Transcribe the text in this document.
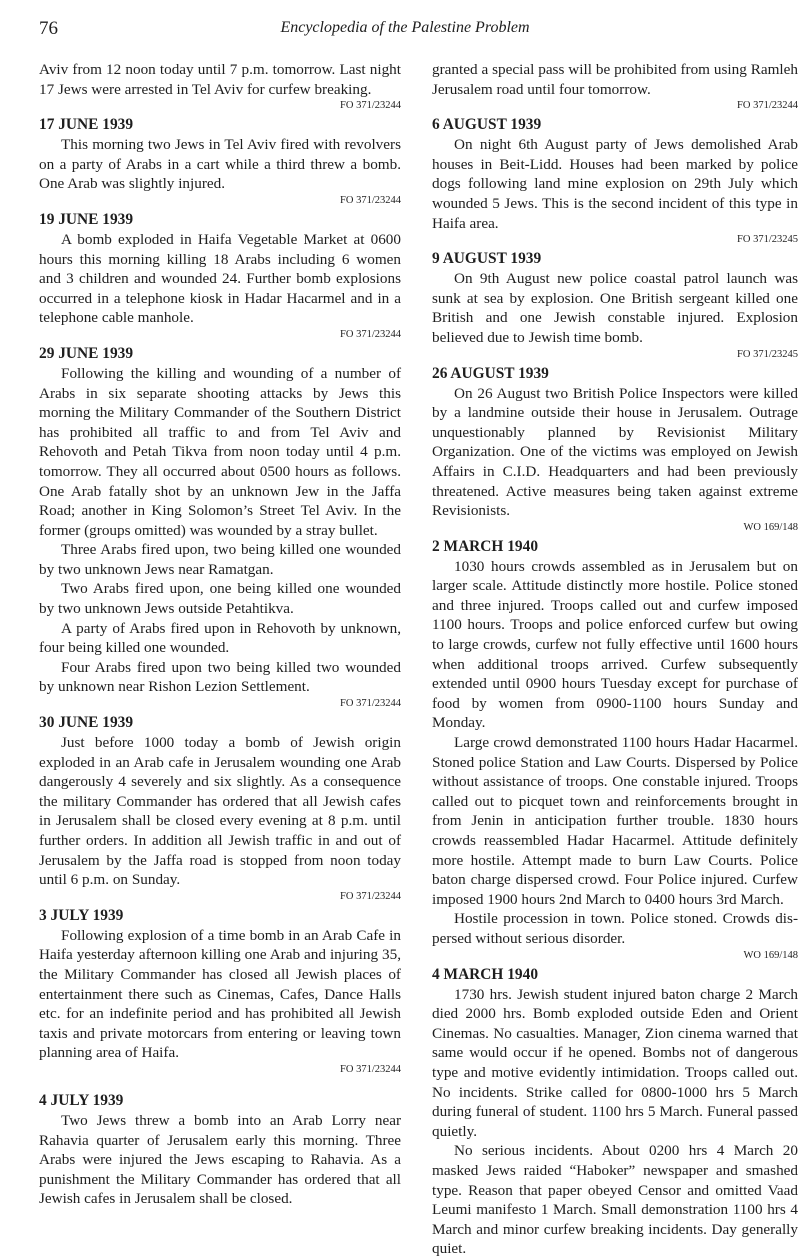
76	Encyclopedia of the Palestine Problem

Aviv from 12 noon today until 7 p.m. tomorrow. Last night 17 Jews were arrested in Tel Aviv for curfew breaking.

FO 371/23244
17 JUNE 1939

This morning two Jews in Tel Aviv fired with revolvers on a party of Arabs in a cart while a third threw a bomb. One Arab was slightly injured.

FO 371/23244
19 JUNE 1939

A bomb exploded in Haifa Vegetable Market at 0600 hours this morning killing 18 Arabs including 6 women and 3 children and wounded 24. Further bomb explosions occurred in a telephone kiosk in Hadar Hacarmel and in a telephone cable manhole.

FO 371/23244
29 JUNE 1939

Following the killing and wounding of a number of Arabs in six separate shooting attacks by Jews this morning the Military Commander of the Southern District has prohibited all traffic to and from Tel Aviv and Rehovoth and Petah Tikva from noon today until 4 p.m. tomorrow. They all occurred about 0500 hours as follows. One Arab fatally shot by an unknown Jew in the Jaffa Road; another in King Solomon’s Street Tel Aviv. In the former (groups omitted) was wounded by a stray bullet.

Three Arabs fired upon, two being killed one wounded by two unknown Jews near Ramatgan.

Two Arabs fired upon, one being killed one wounded by two unknown Jews outside Petahtikva.

A party of Arabs fired upon in Rehovoth by unknown, four being killed one wounded.

Four Arabs fired upon two being killed two wounded by unknown near Rishon Lezion Settlement.

FO 371/23244
30 JUNE 1939

Just before 1000 today a bomb of Jewish origin exploded in an Arab cafe in Jerusalem wounding one Arab dangerously 4 severely and six slightly. As a consequence the military Commander has ordered that all Jewish cafes in Jerusalem shall be closed every evening at 8 p.m. until further orders. In addition all Jewish traffic in and out of Jerusalem by the Jaffa road is stopped from noon today until 6 p.m. on Sunday.

FO 371/23244
3 JULY 1939

Following explosion of a time bomb in an Arab Cafe in Haifa yesterday afternoon killing one Arab and injuring 35, the Military Commander has closed all Jewish places of entertainment there such as Cinemas, Cafes, Dance Halls etc. for an indefinite period and has prohibited all Jewish taxis and private motorcars from entering or leaving town planning area of Haifa.

FO 371/23244
4 JULY 1939

Two Jews threw a bomb into an Arab Lorry near Rahavia quarter of Jerusalem early this morning. Three Arabs were injured the Jews escaping to Rahavia. As a punishment the Military Commander has ordered that all Jewish cafes in Jerusalem shall be closed.

granted a special pass will be prohibited from using Ramleh Jerusalem road until four tomorrow.

FO 371/23244
6 AUGUST 1939

On night 6th August party of Jews demolished Arab houses in Beit-Lidd. Houses had been marked by police dogs following land mine explosion on 29th July which wounded 5 Jews. This is the second incident of this type in Haifa area.

FO 371/23245
9 AUGUST 1939

On 9th August new police coastal patrol launch was sunk at sea by explosion. One British sergeant killed one British and one Jewish constable injured. Explosion believed due to Jewish time bomb.

FO 371/23245
26 AUGUST 1939

On 26 August two British Police Inspectors were killed by a landmine outside their house in Jerusalem. Outrage unquestionably planned by Revisionist Military Organization. One of the victims was employed on Jewish Affairs in C.I.D. Headquarters and had been previously threatened. Active measures being taken against extreme Revisionists.

WO 169/148
2 MARCH 1940

1030 hours crowds assembled as in Jerusalem but on larger scale. Attitude distinctly more hostile. Police stoned and three injured. Troops called out and curfew imposed 1100 hours. Troops and police enforced curfew but owing to large crowds, curfew not fully effective until 1600 hours when additional troops arrived. Curfew subsequently extended until 0900 hours Tuesday except for purchase of food by women from 0900-1100 hours Sunday and Monday.

Large crowd demonstrated 1100 hours Hadar Hacarmel. Stoned police Station and Law Courts. Dispersed by Police without assistance of troops. One constable injured. Troops called out to picquet town and reinforcements brought in from Jenin in anticipation further trouble. 1830 hours crowds reassembled Hadar Hacarmel. Attitude definitely more hostile. Attempt made to burn Law Courts. Police baton charge dispersed crowd. Four Police injured. Curfew imposed 1900 hours 2nd March to 0400 hours 3rd March.

Hostile procession in town. Police stoned. Crowds dispersed without serious disorder.

WO 169/148
4 MARCH 1940

1730 hrs. Jewish student injured baton charge 2 March died 2000 hrs. Bomb exploded outside Eden and Orient Cinemas. No casualties. Manager, Zion cinema warned that same would occur if he opened. Bombs not of dangerous type and motive evidently intimidation. Troops called out. No incidents. Strike called for 0800-1000 hrs 5 March during funeral of student. 1100 hrs 5 March. Funeral passed quietly.

No serious incidents. About 0200 hrs 4 March 20 masked Jews raided “Haboker” newspaper and smashed type. Reason that paper obeyed Censor and omitted Vaad Leumi manifesto 1 March. Small demonstration 1100 hrs 4 March and minor curfew breaking incidents. Day generally quiet.
